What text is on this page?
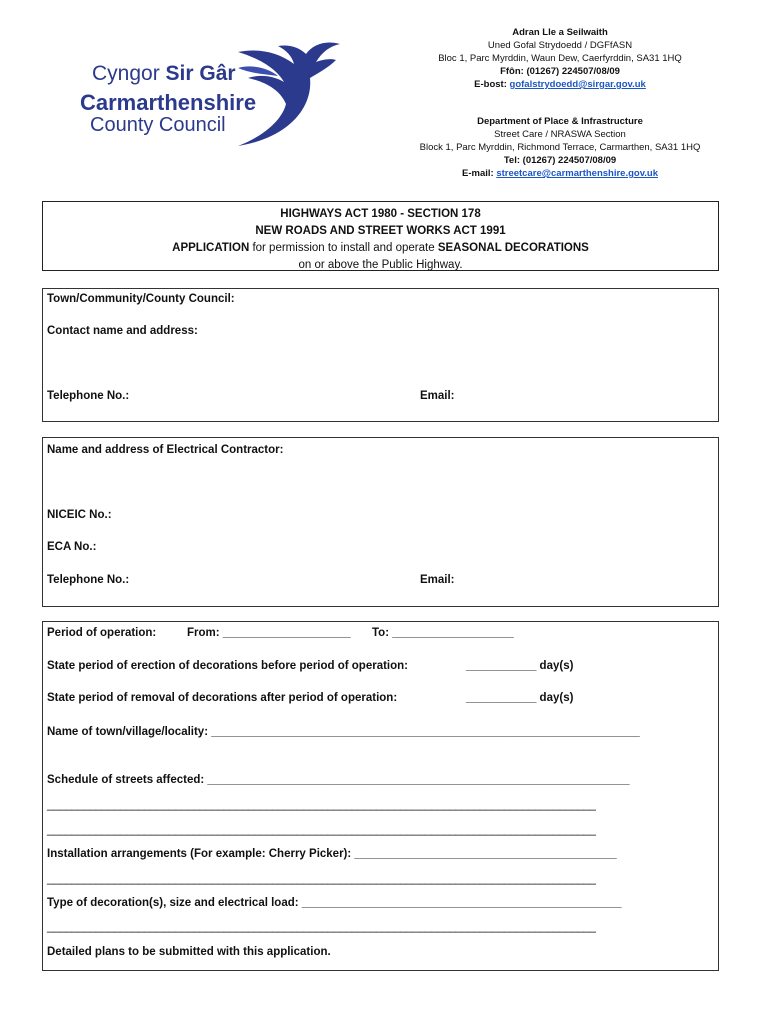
Cyngor Sir Gâr
Carmarthenshire
County Council
Adran Lle a Seilwaith
Uned Gofal Strydoedd / DGFfASN
Bloc 1, Parc Myrddin, Waun Dew, Caerfyrddin, SA31 1HQ
Ffôn: (01267) 224507/08/09
E-bost: gofalstrydoedd@sirgar.gov.uk
Department of Place & Infrastructure
Street Care / NRASWA Section
Block 1, Parc Myrddin, Richmond Terrace, Carmarthen, SA31 1HQ
Tel: (01267) 224507/08/09
E-mail: streetcare@carmarthenshire.gov.uk
HIGHWAYS ACT 1980 - SECTION 178
NEW ROADS AND STREET WORKS ACT 1991
APPLICATION for permission to install and operate SEASONAL DECORATIONS
on or above the Public Highway.
Town/Community/County Council:
Contact name and address:
Telephone No.:	Email:
Name and address of Electrical Contractor:
NICEIC No.:
ECA No.:
Telephone No.:	Email:
Period of operation:	From: ____________________ To: ___________________
State period of erection of decorations before period of operation:	___________ day(s)
State period of removal of decorations after period of operation:	___________ day(s)
Name of town/village/locality: ___________________________________________________________________
Schedule of streets affected: __________________________________________________________________
__________________________________________________________________________________________
__________________________________________________________________________________________
Installation arrangements (For example: Cherry Picker): _________________________________________
__________________________________________________________________________________________
Type of decoration(s), size and electrical load: __________________________________________________
__________________________________________________________________________________________
Detailed plans to be submitted with this application.
